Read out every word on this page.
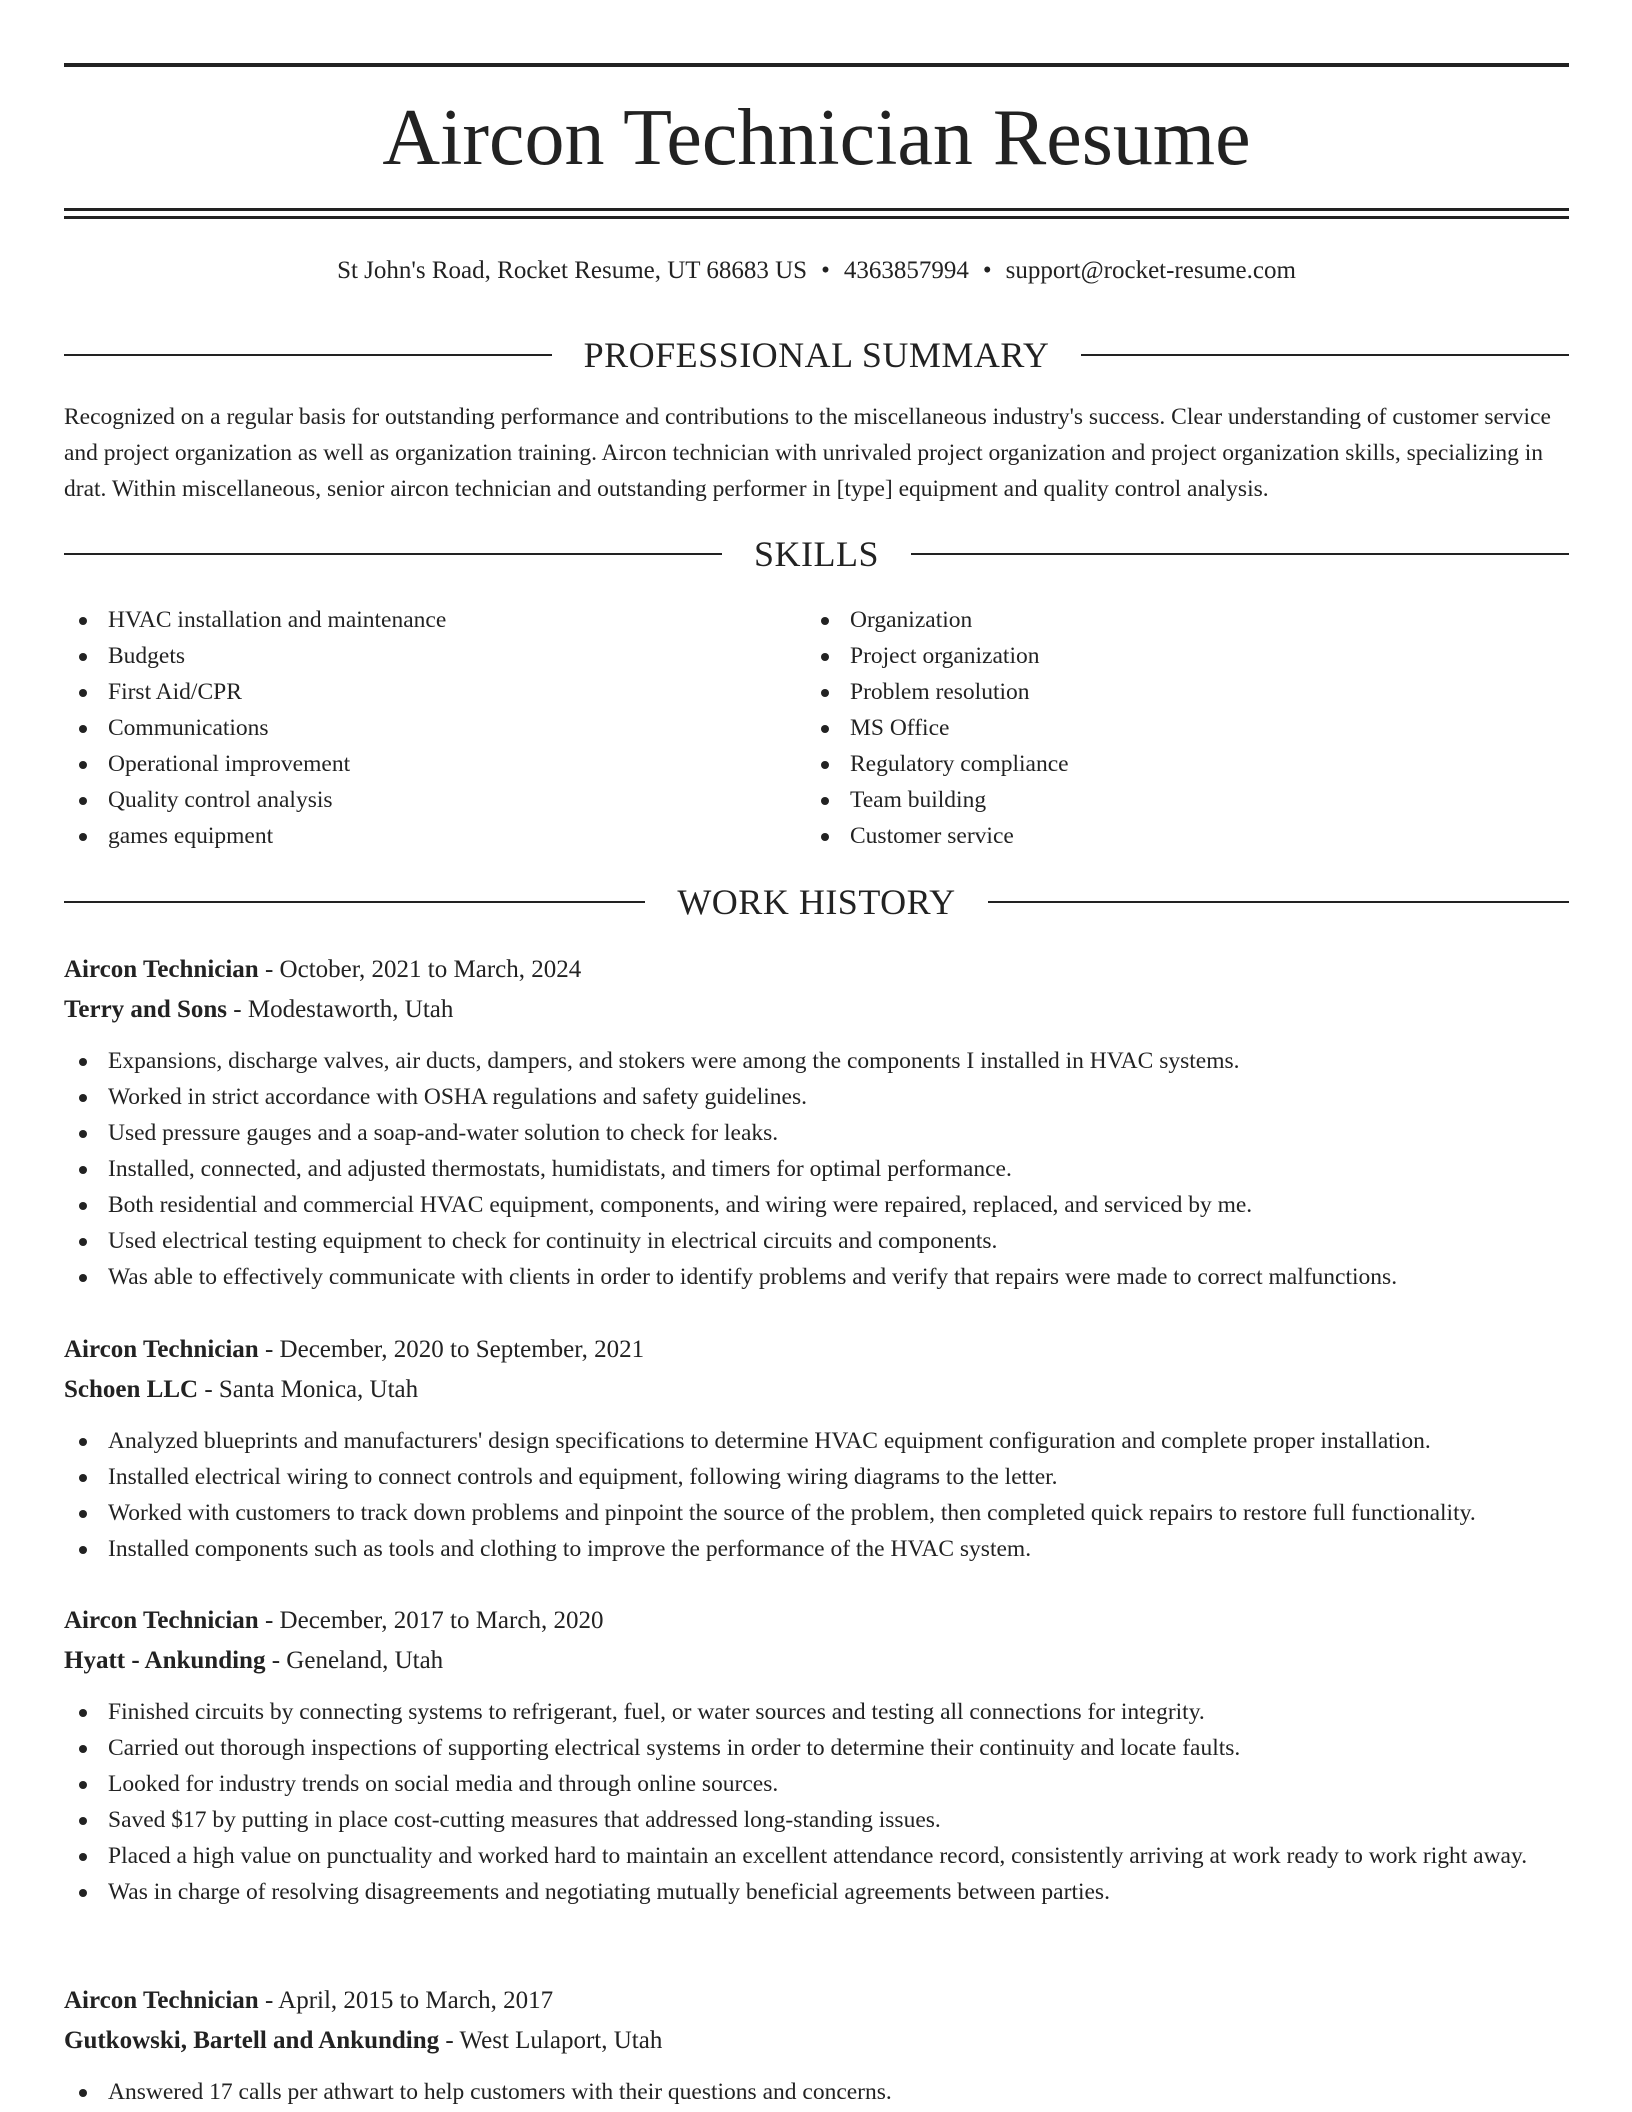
Aircon Technician Resume
St John's Road, Rocket Resume, UT 68683 US • 4363857994 • support@rocket-resume.com
PROFESSIONAL SUMMARY
Recognized on a regular basis for outstanding performance and contributions to the miscellaneous industry's success. Clear understanding of customer service and project organization as well as organization training. Aircon technician with unrivaled project organization and project organization skills, specializing in drat. Within miscellaneous, senior aircon technician and outstanding performer in [type] equipment and quality control analysis.
SKILLS
HVAC installation and maintenance
Budgets
First Aid/CPR
Communications
Operational improvement
Quality control analysis
games equipment
Organization
Project organization
Problem resolution
MS Office
Regulatory compliance
Team building
Customer service
WORK HISTORY
Aircon Technician - October, 2021 to March, 2024
Terry and Sons - Modestaworth, Utah
Expansions, discharge valves, air ducts, dampers, and stokers were among the components I installed in HVAC systems.
Worked in strict accordance with OSHA regulations and safety guidelines.
Used pressure gauges and a soap-and-water solution to check for leaks.
Installed, connected, and adjusted thermostats, humidistats, and timers for optimal performance.
Both residential and commercial HVAC equipment, components, and wiring were repaired, replaced, and serviced by me.
Used electrical testing equipment to check for continuity in electrical circuits and components.
Was able to effectively communicate with clients in order to identify problems and verify that repairs were made to correct malfunctions.
Aircon Technician - December, 2020 to September, 2021
Schoen LLC - Santa Monica, Utah
Analyzed blueprints and manufacturers' design specifications to determine HVAC equipment configuration and complete proper installation.
Installed electrical wiring to connect controls and equipment, following wiring diagrams to the letter.
Worked with customers to track down problems and pinpoint the source of the problem, then completed quick repairs to restore full functionality.
Installed components such as tools and clothing to improve the performance of the HVAC system.
Aircon Technician - December, 2017 to March, 2020
Hyatt - Ankunding - Geneland, Utah
Finished circuits by connecting systems to refrigerant, fuel, or water sources and testing all connections for integrity.
Carried out thorough inspections of supporting electrical systems in order to determine their continuity and locate faults.
Looked for industry trends on social media and through online sources.
Saved $17 by putting in place cost-cutting measures that addressed long-standing issues.
Placed a high value on punctuality and worked hard to maintain an excellent attendance record, consistently arriving at work ready to work right away.
Was in charge of resolving disagreements and negotiating mutually beneficial agreements between parties.
Aircon Technician - April, 2015 to March, 2017
Gutkowski, Bartell and Ankunding - West Lulaport, Utah
Answered 17 calls per athwart to help customers with their questions and concerns.
